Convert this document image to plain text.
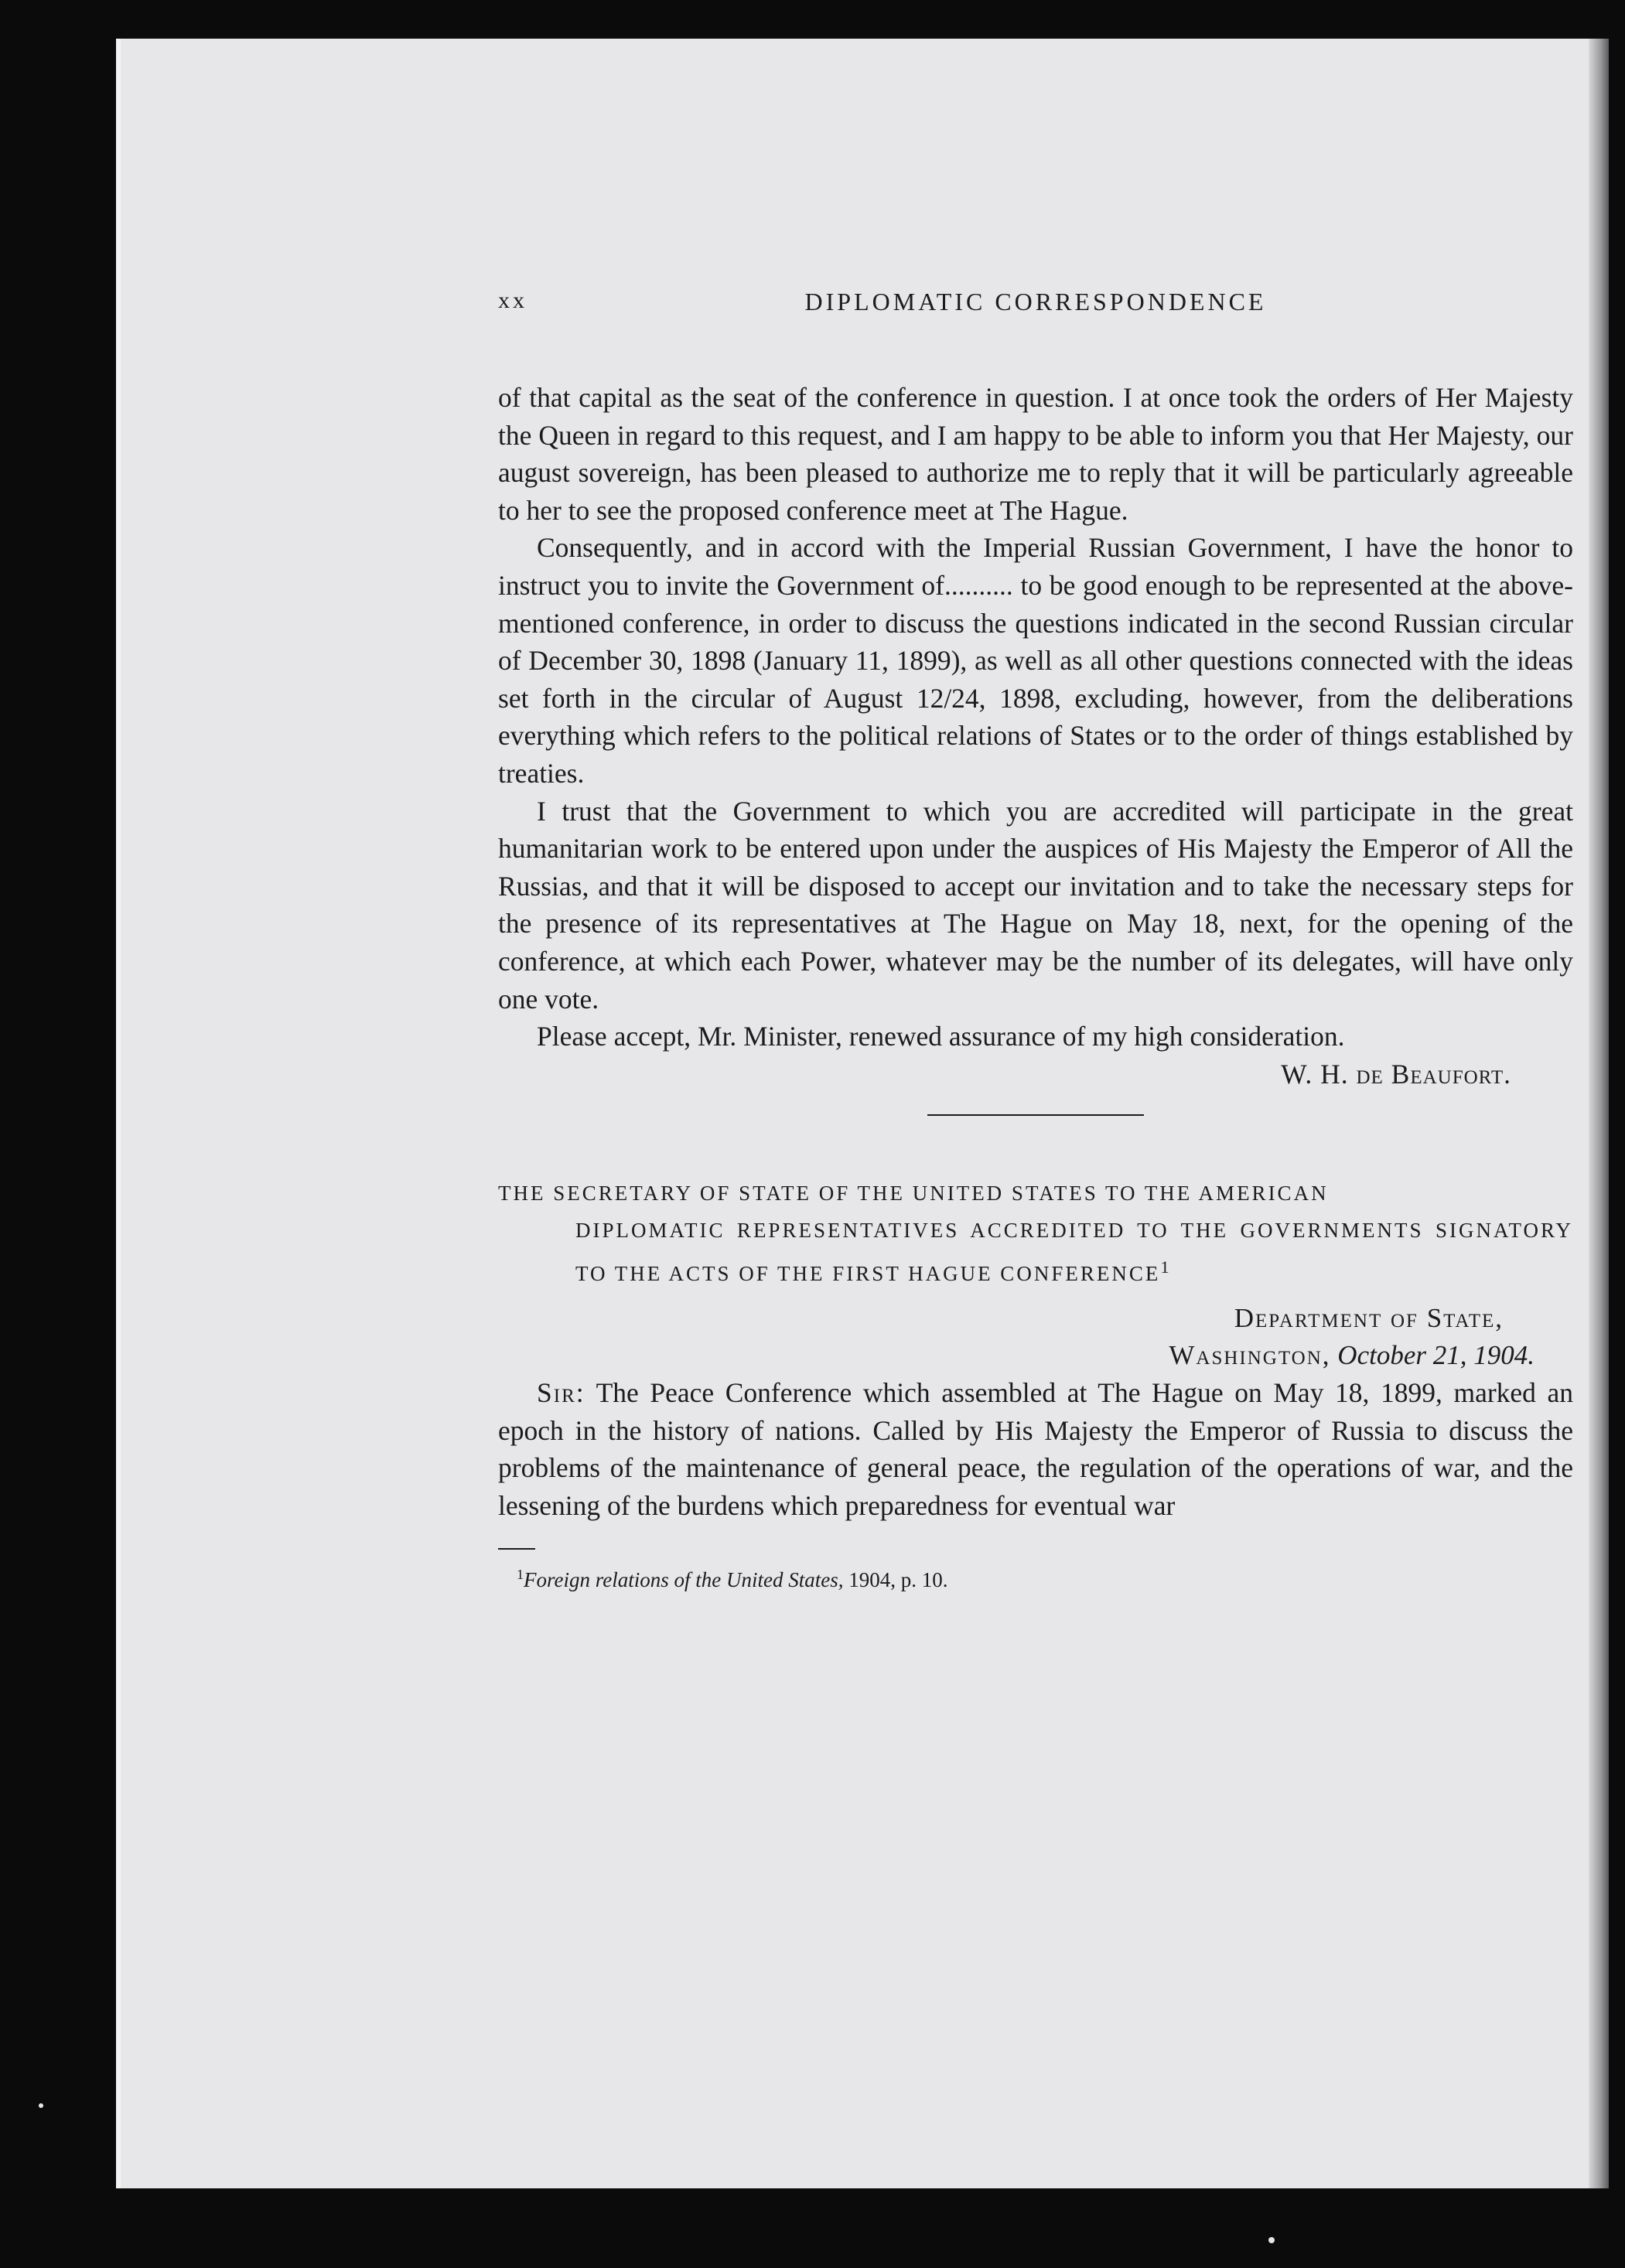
xx	DIPLOMATIC CORRESPONDENCE

of that capital as the seat of the conference in question. I at once took the orders of Her Majesty the Queen in regard to this request, and I am happy to be able to inform you that Her Majesty, our august sovereign, has been pleased to authorize me to reply that it will be particularly agreeable to her to see the proposed conference meet at The Hague.

Consequently, and in accord with the Imperial Russian Government, I have the honor to instruct you to invite the Government of.......... to be good enough to be represented at the above-mentioned conference, in order to discuss the questions indicated in the second Russian circular of December 30, 1898 (January 11, 1899), as well as all other questions connected with the ideas set forth in the circular of August 12/24, 1898, excluding, however, from the deliberations everything which refers to the political relations of States or to the order of things established by treaties.

I trust that the Government to which you are accredited will participate in the great humanitarian work to be entered upon under the auspices of His Majesty the Emperor of All the Russias, and that it will be disposed to accept our invitation and to take the necessary steps for the presence of its representatives at The Hague on May 18, next, for the opening of the conference, at which each Power, whatever may be the number of its delegates, will have only one vote.

Please accept, Mr. Minister, renewed assurance of my high consideration.

W. H. de Beaufort.
THE SECRETARY OF STATE OF THE UNITED STATES TO THE AMERICAN
DIPLOMATIC REPRESENTATIVES ACCREDITED TO THE GOVERNMENTS SIGNATORY TO THE ACTS OF THE FIRST HAGUE CONFERENCE$^1$
Department of State,
Washington, October 21, 1904.

Sir: The Peace Conference which assembled at The Hague on May 18, 1899, marked an epoch in the history of nations. Called by His Majesty the Emperor of Russia to discuss the problems of the maintenance of general peace, the regulation of the operations of war, and the lessening of the burdens which preparedness for eventual war

$^1$Foreign relations of the United States, 1904, p. 10.
